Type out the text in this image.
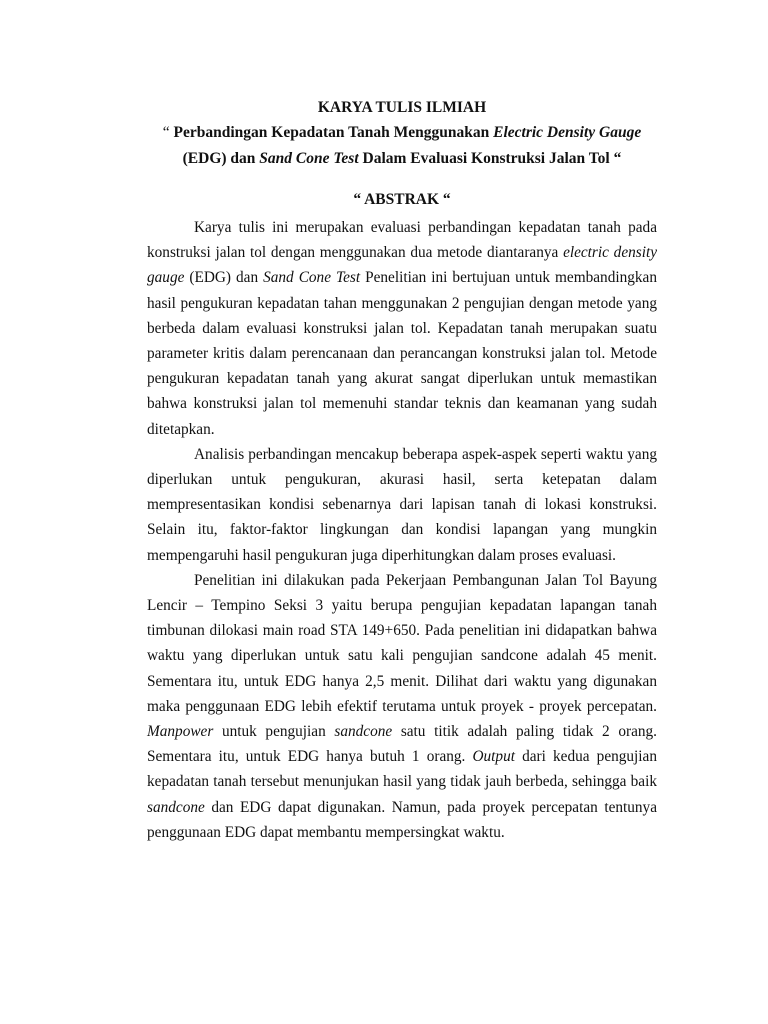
KARYA TULIS ILMIAH

“ Perbandingan Kepadatan Tanah Menggunakan Electric Density Gauge
(EDG) dan Sand Cone Test Dalam Evaluasi Konstruksi Jalan Tol “

“ ABSTRAK “

Karya tulis ini merupakan evaluasi perbandingan kepadatan tanah pada konstruksi jalan tol dengan menggunakan dua metode diantaranya electric density gauge (EDG) dan Sand Cone Test Penelitian ini bertujuan untuk membandingkan hasil pengukuran kepadatan tahan menggunakan 2 pengujian dengan metode yang berbeda dalam evaluasi konstruksi jalan tol. Kepadatan tanah merupakan suatu parameter kritis dalam perencanaan dan perancangan konstruksi jalan tol. Metode pengukuran kepadatan tanah yang akurat sangat diperlukan untuk memastikan bahwa konstruksi jalan tol memenuhi standar teknis dan keamanan yang sudah ditetapkan.

Analisis perbandingan mencakup beberapa aspek-aspek seperti waktu yang diperlukan untuk pengukuran, akurasi hasil, serta ketepatan dalam mempresentasikan kondisi sebenarnya dari lapisan tanah di lokasi konstruksi. Selain itu, faktor-faktor lingkungan dan kondisi lapangan yang mungkin mempengaruhi hasil pengukuran juga diperhitungkan dalam proses evaluasi.

Penelitian ini dilakukan pada Pekerjaan Pembangunan Jalan Tol Bayung Lencir – Tempino Seksi 3 yaitu berupa pengujian kepadatan lapangan tanah timbunan dilokasi main road STA 149+650. Pada penelitian ini didapatkan bahwa waktu yang diperlukan untuk satu kali pengujian sandcone adalah 45 menit. Sementara itu, untuk EDG hanya 2,5 menit. Dilihat dari waktu yang digunakan maka penggunaan EDG lebih efektif terutama untuk proyek - proyek percepatan. Manpower untuk pengujian sandcone satu titik adalah paling tidak 2 orang. Sementara itu, untuk EDG hanya butuh 1 orang. Output dari kedua pengujian kepadatan tanah tersebut menunjukan hasil yang tidak jauh berbeda, sehingga baik sandcone dan EDG dapat digunakan. Namun, pada proyek percepatan tentunya penggunaan EDG dapat membantu mempersingkat waktu.
